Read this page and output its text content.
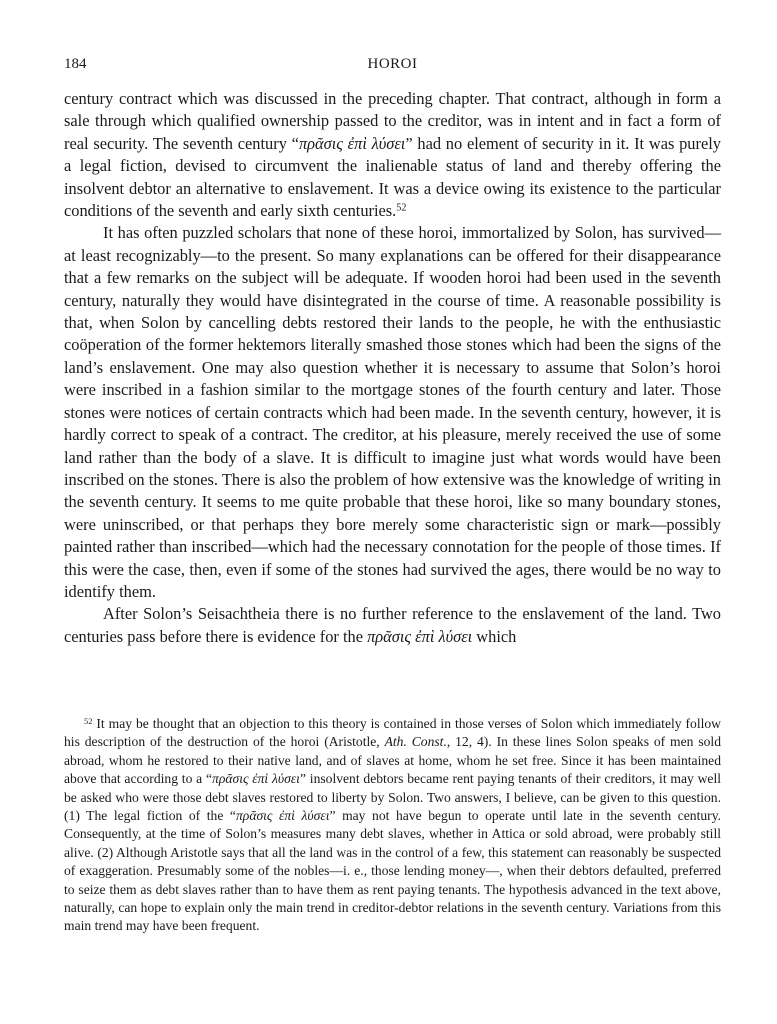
184	HOROI

century contract which was discussed in the preceding chapter. That contract, although in form a sale through which qualified ownership passed to the creditor, was in intent and in fact a form of real security. The seventh century “πρᾶσις ἐπὶ λύσει” had no element of security in it. It was purely a legal fiction, devised to circumvent the inalienable status of land and thereby offering the insolvent debtor an alternative to enslavement. It was a device owing its existence to the particular conditions of the seventh and early sixth centuries.$^{52}$

It has often puzzled scholars that none of these horoi, immortalized by Solon, has survived—at least recognizably—to the present. So many explanations can be offered for their disappearance that a few remarks on the subject will be adequate. If wooden horoi had been used in the seventh century, naturally they would have disintegrated in the course of time. A reasonable possibility is that, when Solon by cancelling debts restored their lands to the people, he with the enthusiastic coöperation of the former hektemors literally smashed those stones which had been the signs of the land’s enslavement. One may also question whether it is necessary to assume that Solon’s horoi were inscribed in a fashion similar to the mortgage stones of the fourth century and later. Those stones were notices of certain contracts which had been made. In the seventh century, however, it is hardly correct to speak of a contract. The creditor, at his pleasure, merely received the use of some land rather than the body of a slave. It is difficult to imagine just what words would have been inscribed on the stones. There is also the problem of how extensive was the knowledge of writing in the seventh century. It seems to me quite probable that these horoi, like so many boundary stones, were uninscribed, or that perhaps they bore merely some characteristic sign or mark—possibly painted rather than inscribed—which had the necessary connotation for the people of those times. If this were the case, then, even if some of the stones had survived the ages, there would be no way to identify them.

After Solon’s Seisachtheia there is no further reference to the enslavement of the land. Two centuries pass before there is evidence for the πρᾶσις ἐπὶ λύσει which

$^{52}$ It may be thought that an objection to this theory is contained in those verses of Solon which immediately follow his description of the destruction of the horoi (Aristotle, Ath. Const., 12, 4). In these lines Solon speaks of men sold abroad, whom he restored to their native land, and of slaves at home, whom he set free. Since it has been maintained above that according to a “πρᾶσις ἐπὶ λύσει” insolvent debtors became rent paying tenants of their creditors, it may well be asked who were those debt slaves restored to liberty by Solon. Two answers, I believe, can be given to this question. (1) The legal fiction of the “πρᾶσις ἐπὶ λύσει” may not have begun to operate until late in the seventh century. Consequently, at the time of Solon’s measures many debt slaves, whether in Attica or sold abroad, were probably still alive. (2) Although Aristotle says that all the land was in the control of a few, this statement can reasonably be suspected of exaggeration. Presumably some of the nobles—i. e., those lending money—, when their debtors defaulted, preferred to seize them as debt slaves rather than to have them as rent paying tenants. The hypothesis advanced in the text above, naturally, can hope to explain only the main trend in creditor-debtor relations in the seventh century. Variations from this main trend may have been frequent.
